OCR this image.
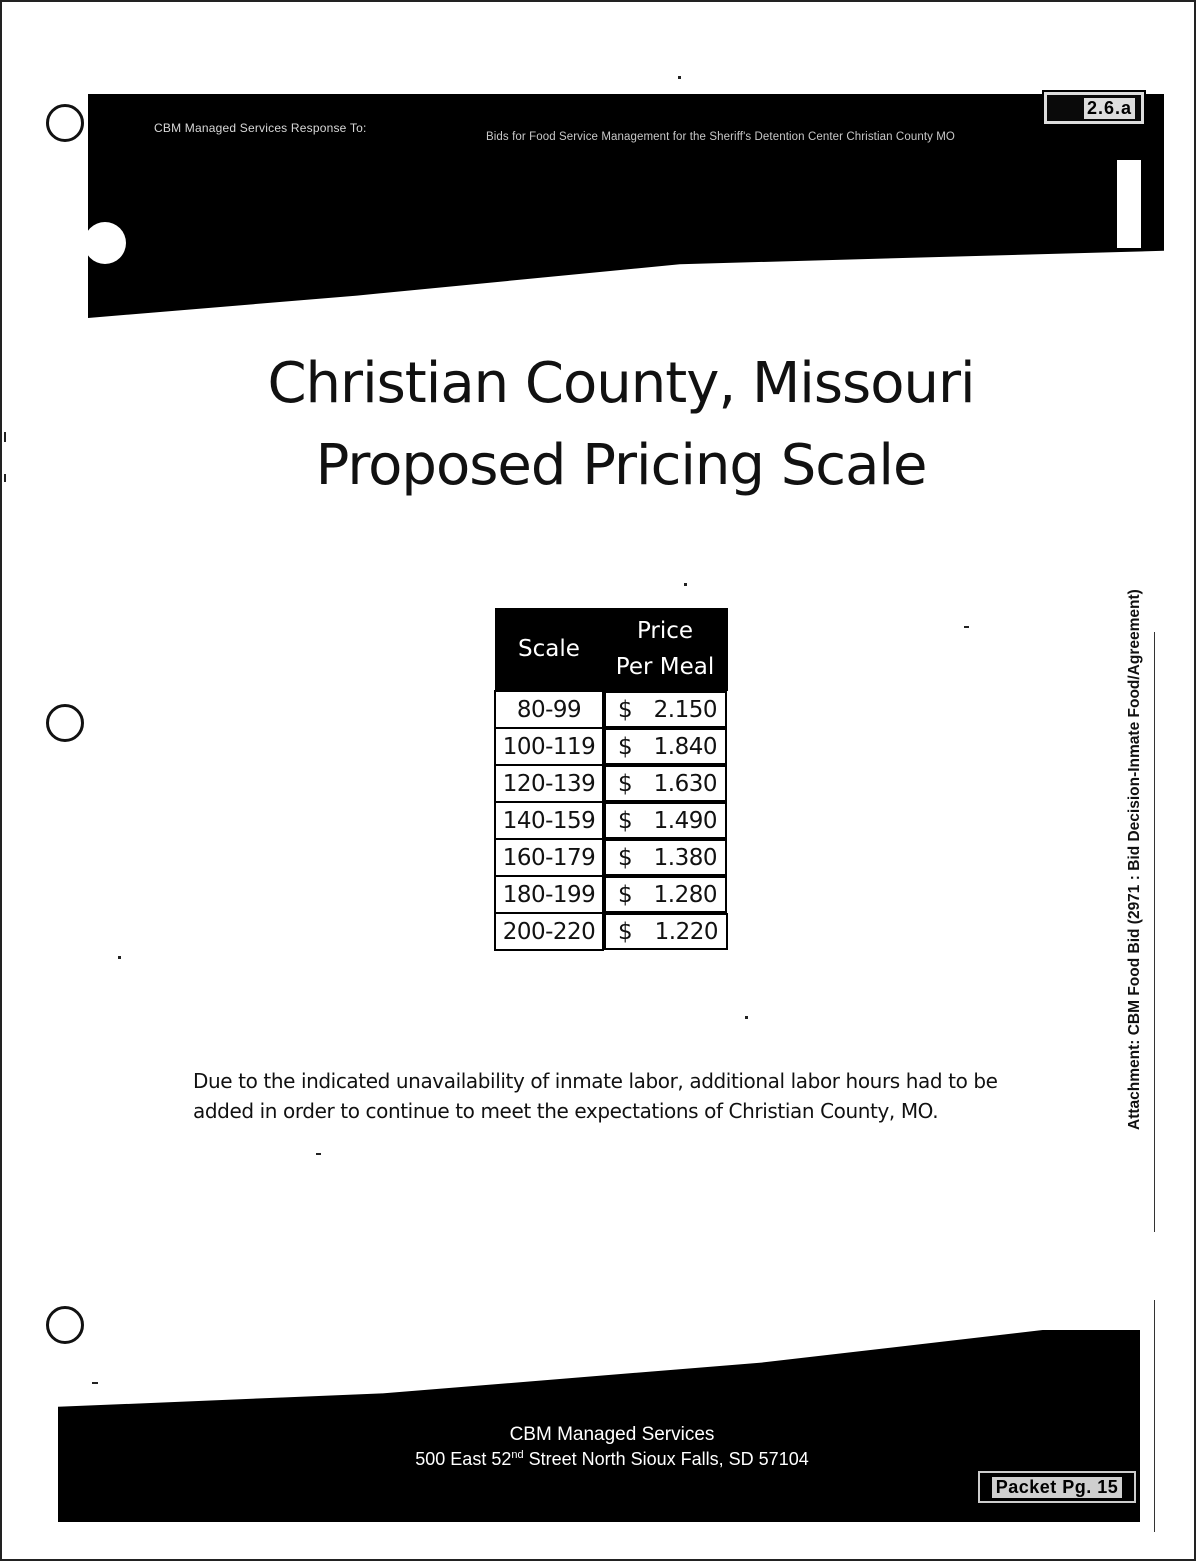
CBM Managed Services Response To:
Bids for Food Service Management for the Sheriff's Detention Center Christian County MO
2.6.a
Christian County, Missouri
Proposed Pricing Scale
Scale	Price
Per Meal
80-99	$ 2.150

100-119	$ 1.840

120-139	$ 1.630

140-159	$ 1.490

160-179	$ 1.380

180-199	$ 1.280

200-220	$ 1.220
Due to the indicated unavailability of inmate labor, additional labor hours had to be added in order to continue to meet the expectations of Christian County, MO.
CBM Managed Services
500 East 52nd Street North Sioux Falls, SD 57104
Packet Pg. 15
Attachment: CBM Food Bid (2971 : Bid Decision-Inmate Food/Agreement)
